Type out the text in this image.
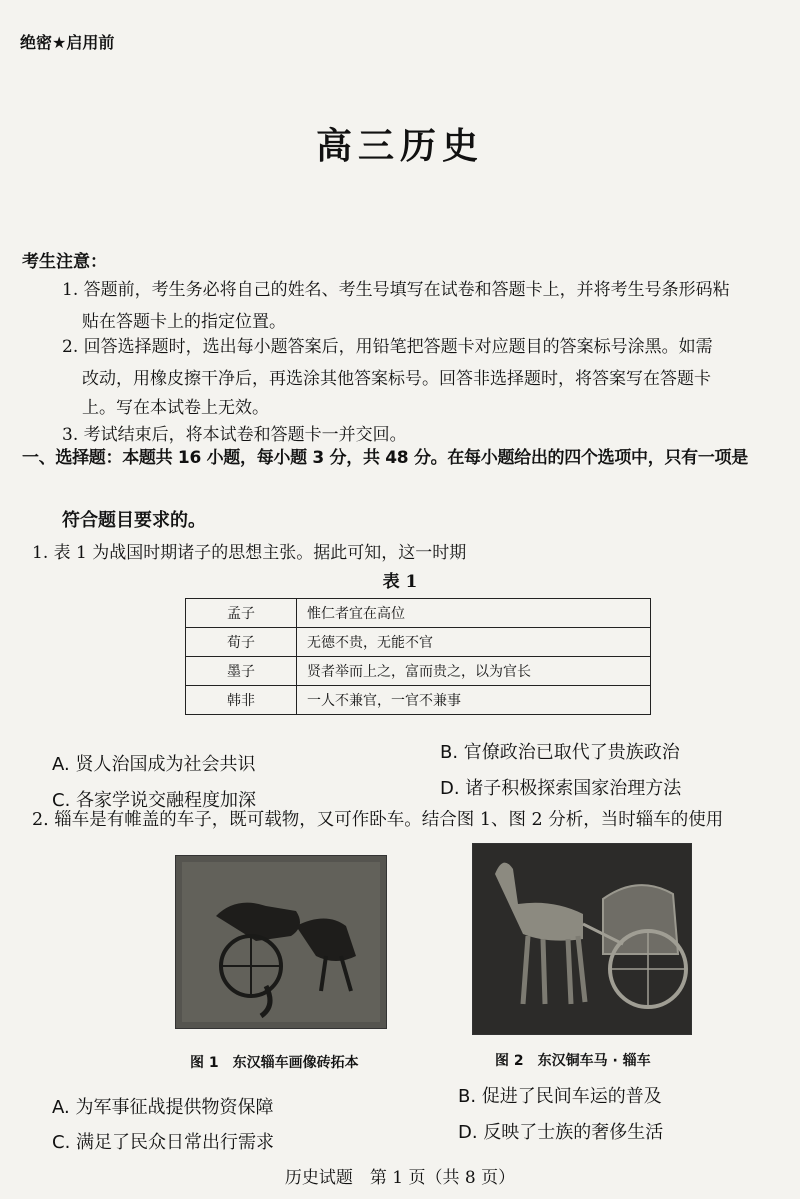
绝密★启用前
高三历史
考生注意：
1. 答题前，考生务必将自己的姓名、考生号填写在试卷和答题卡上，并将考生号条形码粘
贴在答题卡上的指定位置。
2. 回答选择题时，选出每小题答案后，用铅笔把答题卡对应题目的答案标号涂黑。如需
改动，用橡皮擦干净后，再选涂其他答案标号。回答非选择题时，将答案写在答题卡
上。写在本试卷上无效。
3. 考试结束后，将本试卷和答题卡一并交回。
一、选择题：本题共 16 小题，每小题 3 分，共 48 分。在每小题给出的四个选项中，只有一项是
符合题目要求的。
1. 表 1 为战国时期诸子的思想主张。据此可知，这一时期
表 1
孟子	惟仁者宜在高位
荀子	无德不贵，无能不官
墨子	贤者举而上之，富而贵之，以为官长
韩非	一人不兼官，一官不兼事
A. 贤人治国成为社会共识
B. 官僚政治已取代了贵族政治
C. 各家学说交融程度加深
D. 诸子积极探索国家治理方法
2. 辎车是有帷盖的车子，既可载物，又可作卧车。结合图 1、图 2 分析，当时辎车的使用
图 1　东汉辎车画像砖拓本	图 2　东汉铜车马 · 辎车
A. 为军事征战提供物资保障
B. 促进了民间车运的普及
C. 满足了民众日常出行需求	D. 反映了士族的奢侈生活
历史试题　第 1 页（共 8 页）
